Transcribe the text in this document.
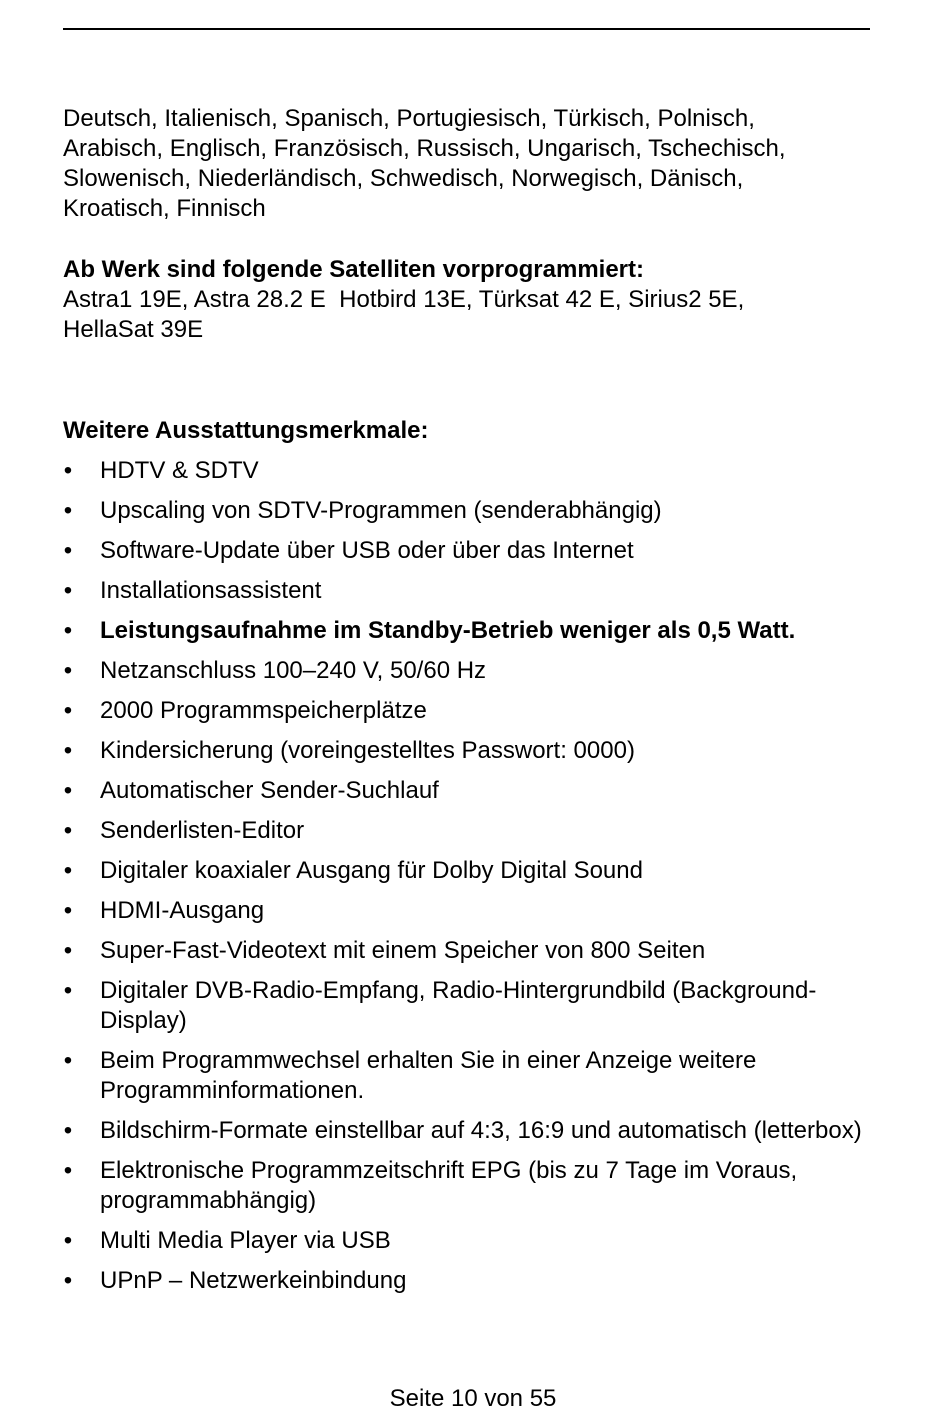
Deutsch, Italienisch, Spanisch, Portugiesisch, Türkisch, Polnisch,
Arabisch, Englisch, Französisch, Russisch, Ungarisch, Tschechisch,
Slowenisch, Niederländisch, Schwedisch, Norwegisch, Dänisch,
Kroatisch, Finnisch

Ab Werk sind folgende Satelliten vorprogrammiert:

Astra1 19E, Astra 28.2 E  Hotbird 13E, Türksat 42 E, Sirius2 5E,
HellaSat 39E

Weitere Ausstattungsmerkmale:

• HDTV & SDTV
• Upscaling von SDTV-Programmen (senderabhängig)
• Software-Update über USB oder über das Internet
• Installationsassistent
• Leistungsaufnahme im Standby-Betrieb weniger als 0,5 Watt.
• Netzanschluss 100–240 V, 50/60 Hz
• 2000 Programmspeicherplätze
• Kindersicherung (voreingestelltes Passwort: 0000)
• Automatischer Sender-Suchlauf
• Senderlisten-Editor
• Digitaler koaxialer Ausgang für Dolby Digital Sound
• HDMI-Ausgang
• Super-Fast-Videotext mit einem Speicher von 800 Seiten
• Digitaler DVB-Radio-Empfang, Radio-Hintergrundbild (Background-Display)
• Beim Programmwechsel erhalten Sie in einer Anzeige weitere Programminformationen.
• Bildschirm-Formate einstellbar auf 4:3, 16:9 und automatisch (letterbox)
• Elektronische Programmzeitschrift EPG (bis zu 7 Tage im Voraus, programmabhängig)
• Multi Media Player via USB
• UPnP – Netzwerkeinbindung
Seite 10 von 55
